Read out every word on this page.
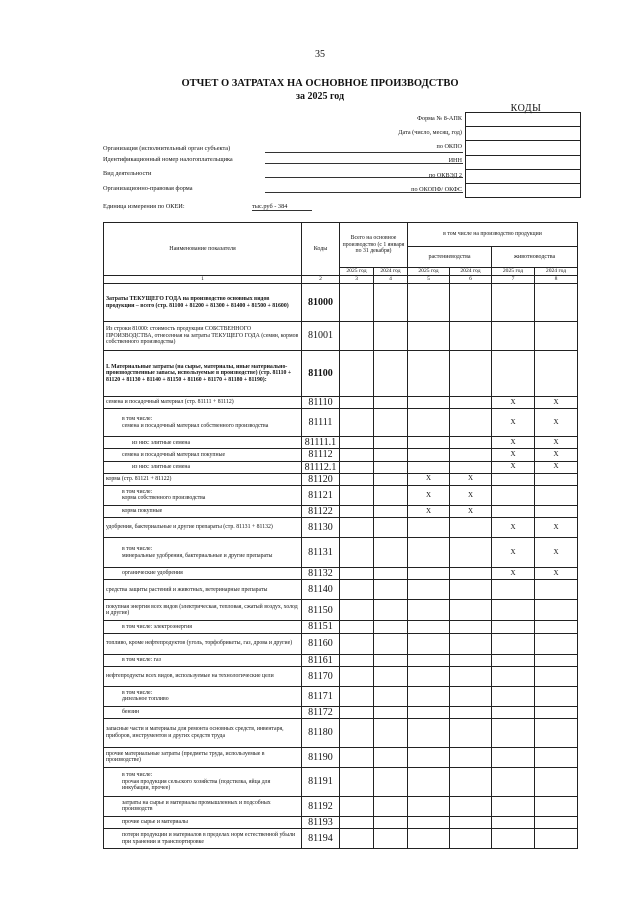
35
ОТЧЕТ О ЗАТРАТАХ НА ОСНОВНОЕ ПРОИЗВОДСТВО
за 2025 год
КОДЫ
Форма № 8-АПК
Дата (число, месяц, год)
по ОКПО
ИНН
по ОКВЭД 2
по ОКОПФ/ ОКФС

Организация (исполнительный орган субъекта)
Идентификационный номер налогоплательщика
Вид деятельности
Организационно-правовая форма
Единица измерения по ОКЕИ:	тыс.руб - 384
Наименование показателя	Коды	Всего на основное производство (с 1 января по 31 декабря)		в том числе на производство продукции			
				растениеводства		животноводства	
		2025 год	2024 год	2025 год	2024 год	2025 год	2024 год
1	2	3	4	5	6	7	8
Затраты ТЕКУЩЕГО ГОДА на производство основных видов продукции – всего (стр. 81100 + 81200 + 81300 + 81400 + 81500 + 81600)	81000						
Из строки 81000: стоимость продукции СОБСТВЕННОГО ПРОИЗВОДСТВА, отнесенная на затраты ТЕКУЩЕГО ГОДА (семян, кормов собственного производства)	81001						
I. Материальные затраты (на сырье, материалы, иные материально-производственные запасы, используемые в производстве) (стр. 81110 + 81120 + 81130 + 81140 + 81150 + 81160 + 81170 + 81180 + 81190):	81100						
семена и посадочный материал (стр. 81111 + 81112)	81110					X	X
в том числе:
семена и посадочный материал собственного производства	81111					X	X
из них: элитные семена	81111.1					X	X
семена и посадочный материал покупные	81112					X	X
из них: элитные семена	81112.1					X	X
корма (стр. 81121 + 81122)	81120			X	X		
в том числе:
корма собственного производства	81121			X	X		
корма покупные	81122			X	X		
удобрения, бактериальные и другие препараты (стр. 81131 + 81132)	81130					X	X
в том числе:
минеральные удобрения, бактериальные и другие препараты	81131					X	X
органические удобрения	81132					X	X
средства защиты растений и животных, ветеринарные препараты	81140						
покупная энергия всех видов (электрическая, тепловая, сжатый воздух, холод и другие)	81150						
в том числе: электроэнергия	81151						
топливо, кроме нефтепродуктов (уголь, торфобрикеты, газ, дрова и другие)	81160						
в том числе: газ	81161						
нефтепродукты всех видов, используемые на технологические цели	81170						
в том числе:
дизельное топливо	81171						
бензин	81172						
запасные части и материалы для ремонта основных средств, инвентаря, приборов, инструментов и других средств труда	81180						
прочие материальные затраты (предметы труда, используемые в производстве)	81190						
в том числе:
прочая продукция сельского хозяйства (подстилка, яйца для инкубации, прочее)	81191						
затраты на сырье и материалы промышленных и подсобных производств	81192						
прочие сырье и материалы	81193						
потери продукции и материалов в пределах норм естественной убыли при хранении и транспортировке	81194						
